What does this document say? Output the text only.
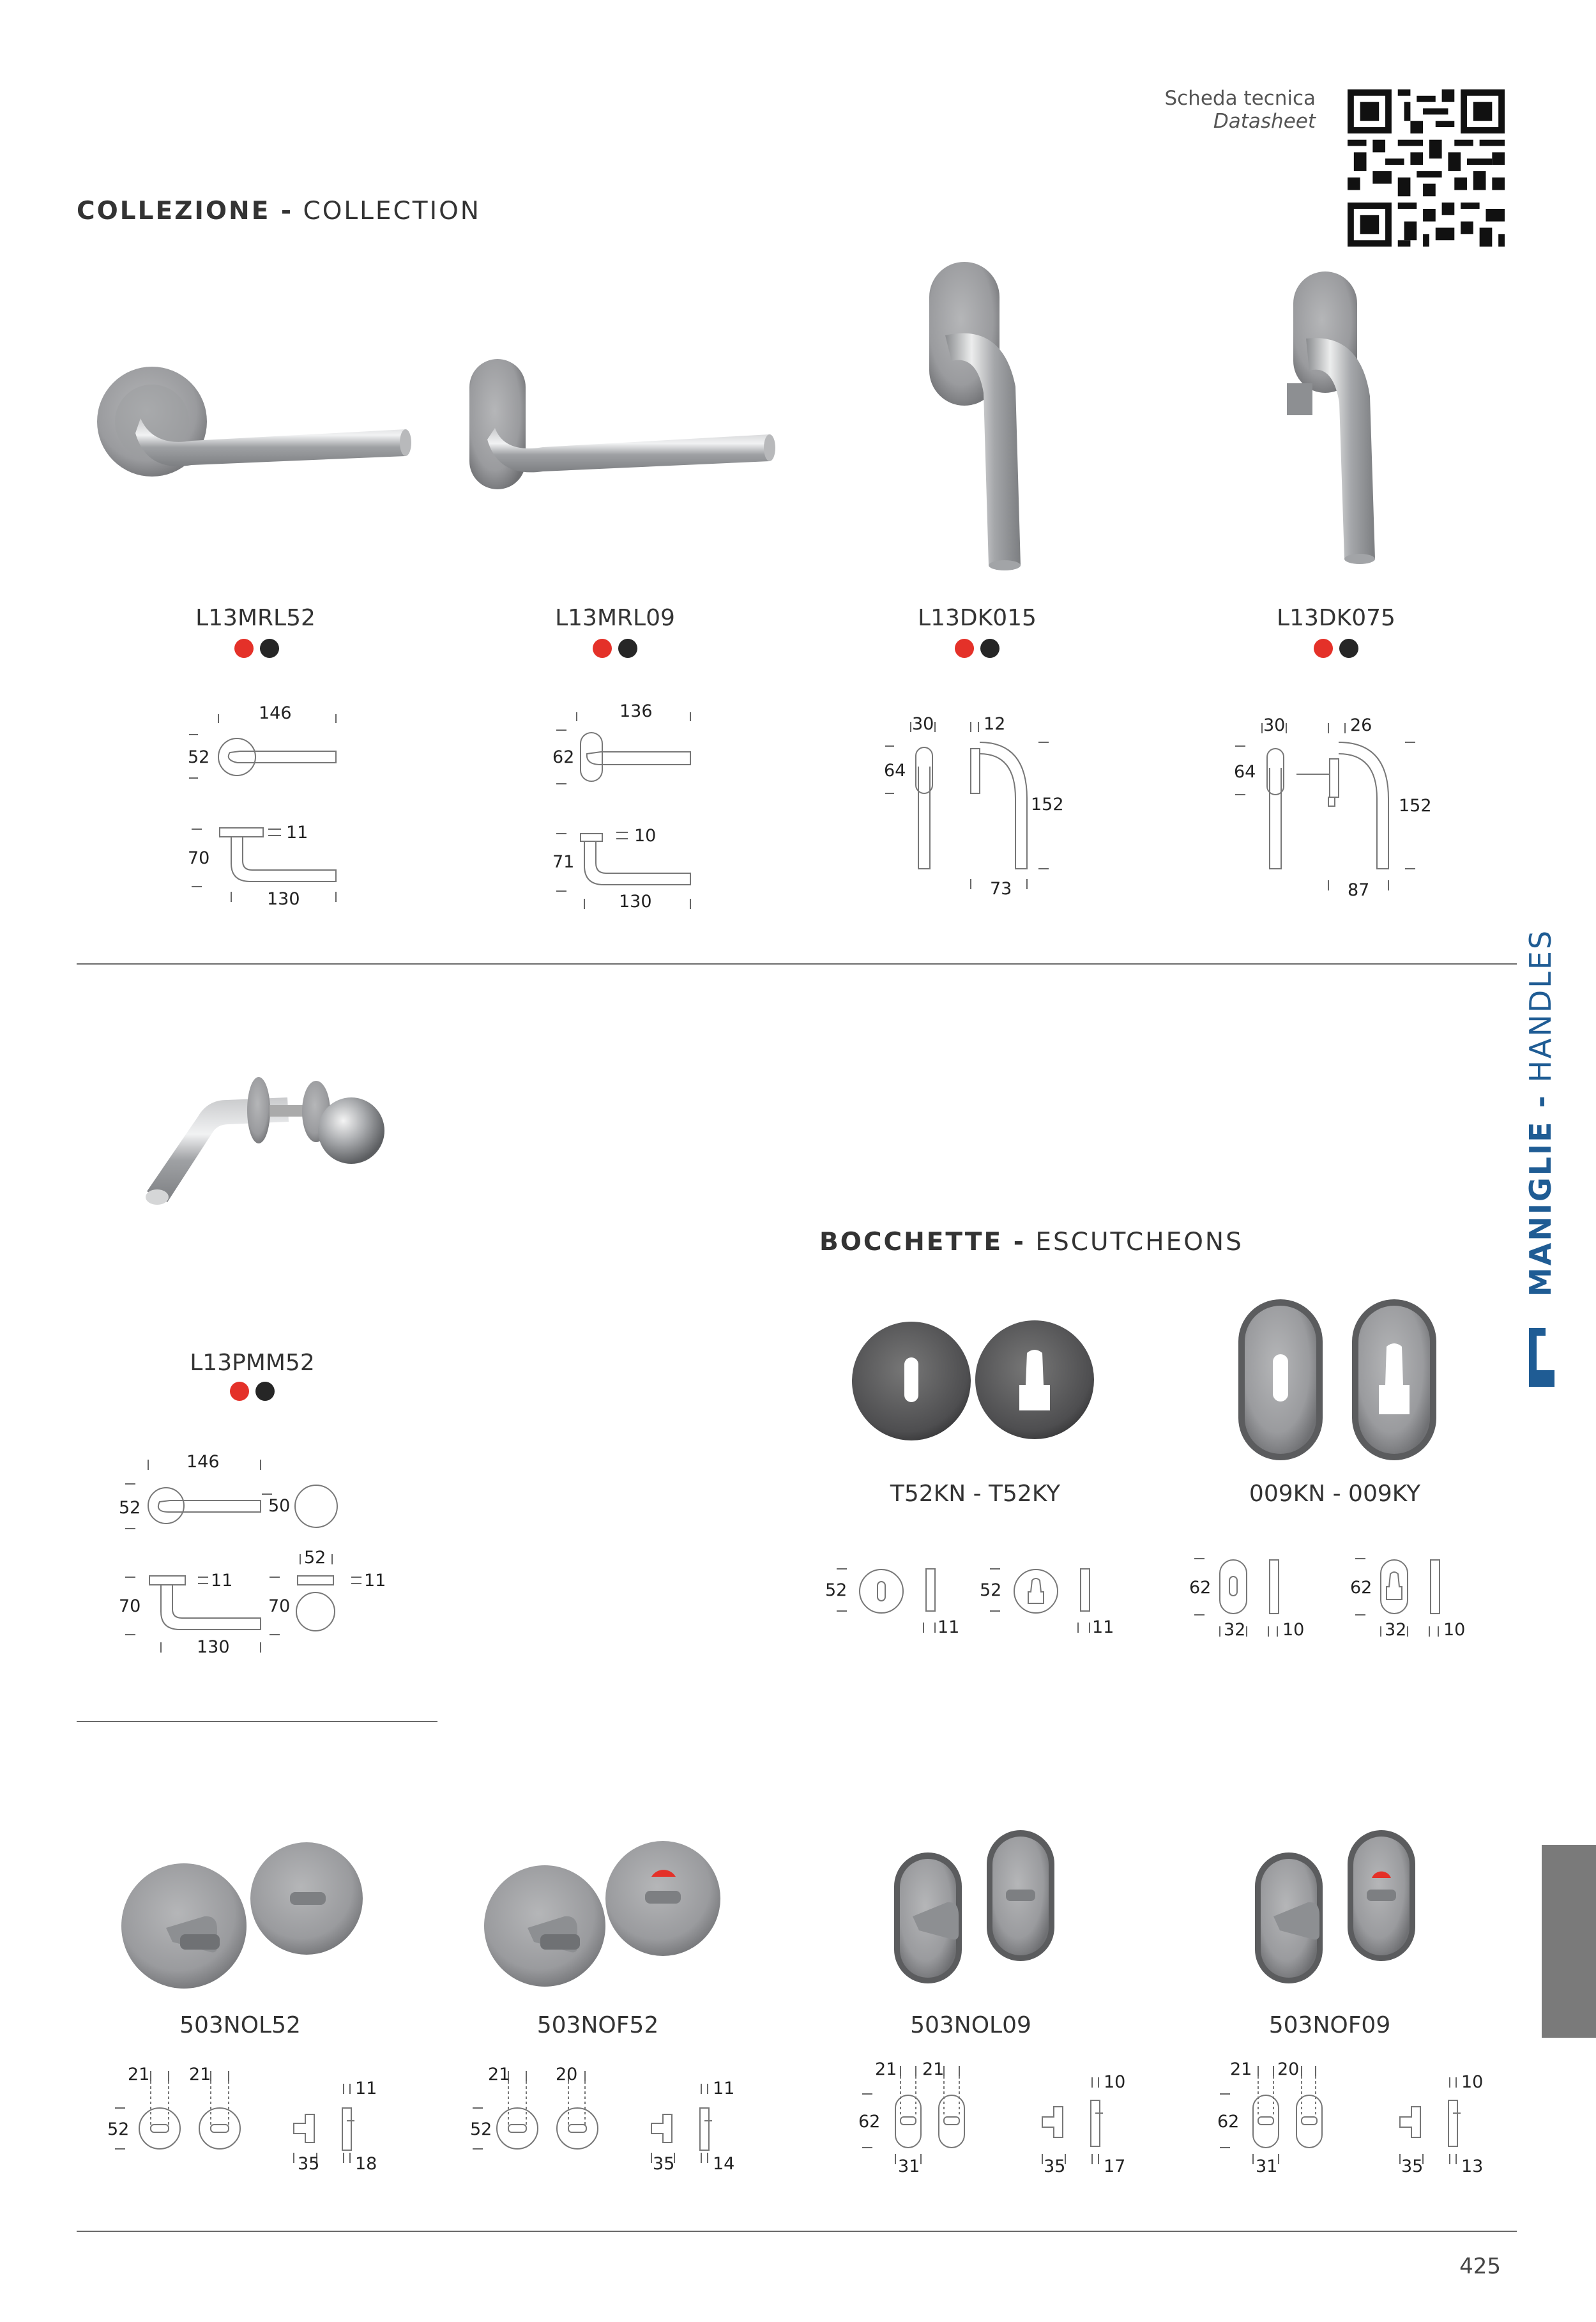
Scheda tecnica
Datasheet
COLLEZIONE - COLLECTION
L13MRL52	L13MRL09	L13DK015	L13DK075
146
52
11
70
130
136
62
10
71
130
30	12
64
152
73
30	26
64
152
87
L13PMM52
146
52	50
52
11	11
70	70
130
BOCCHETTE - ESCUTCHEONS
T52KN - T52KY	009KN - 009KY
52
11
52
11
62
32 10
62
32 10
503NOL52	503NOF52	503NOL09	503NOF09
21 21
11
52
35 18
21	20
11
52
35 14
21 21
10
62
31	35 17
21 20
10
62
31	35 13
425
MANIGLIE - HANDLES
